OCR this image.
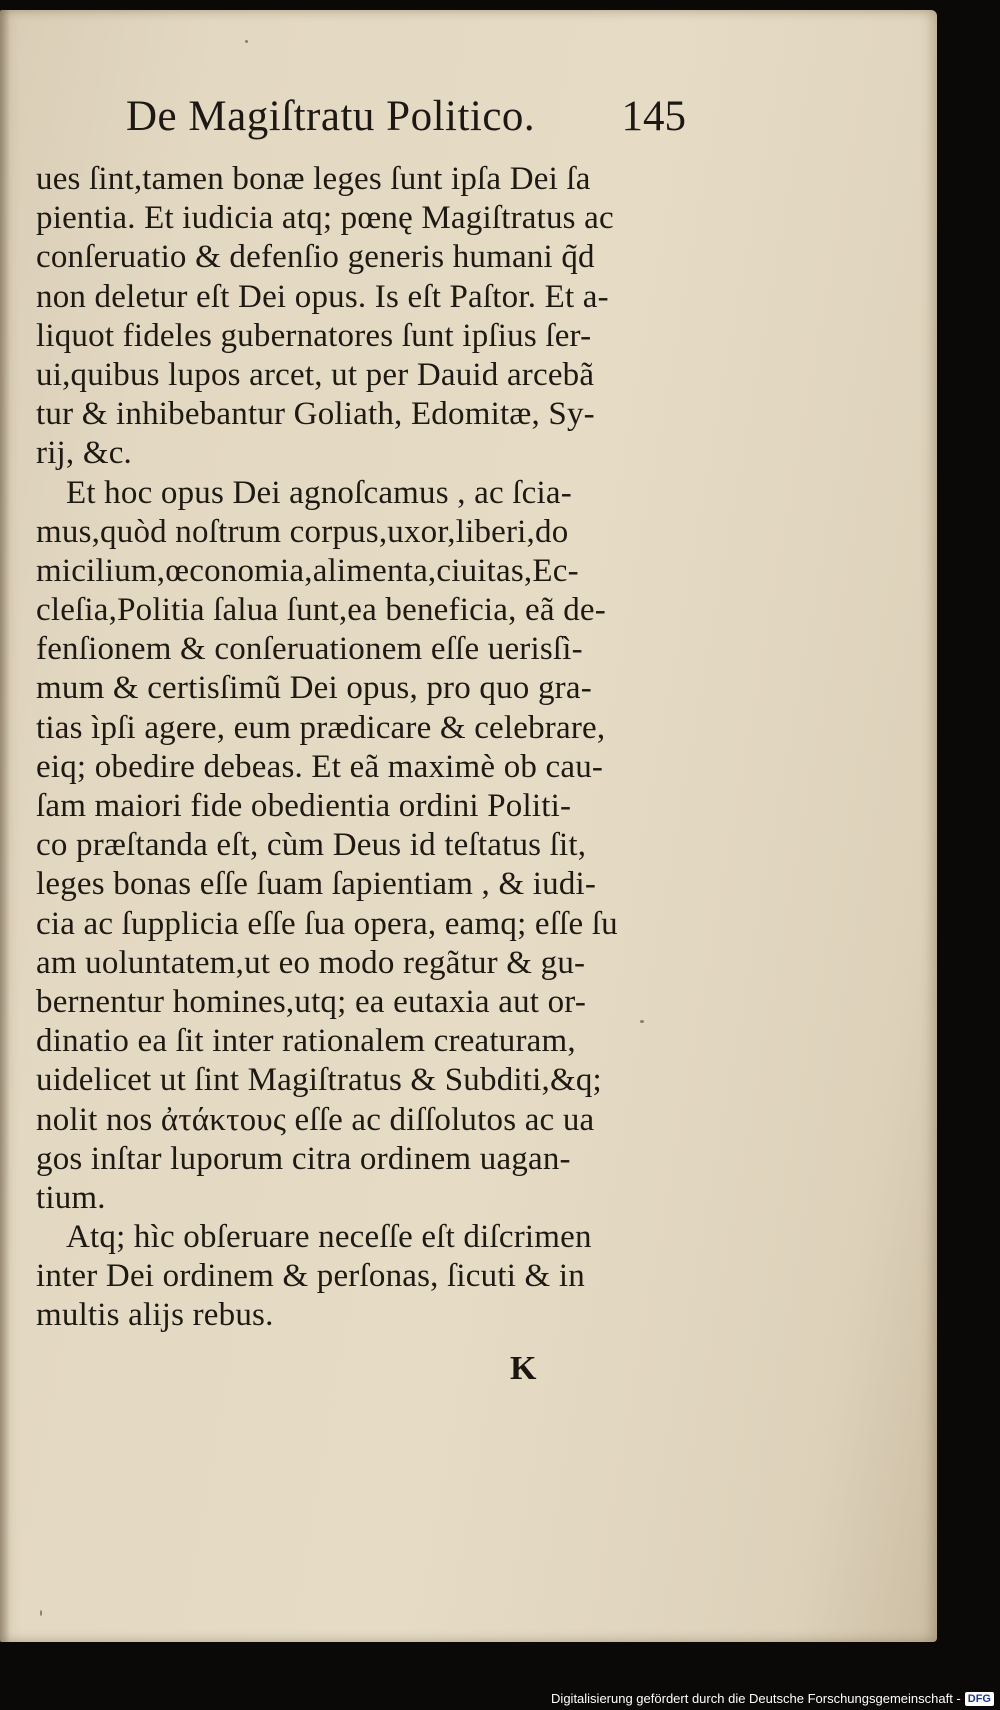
De Magiſtratu Politico. 145
ues ſint,tamen bonæ leges ſunt ipſa Dei ſa
pientia. Et iudicia atq; pœnę Magiſtratus ac
conſeruatio & defenſio generis humani q̃d
non deletur eſt Dei opus. Is eſt Paſtor. Et a-
liquot fideles gubernatores ſunt ipſius ſer-
ui,quibus lupos arcet, ut per Dauid arcebã
tur & inhibebantur Goliath, Edomitæ, Sy-
rij, &c.
Et hoc opus Dei agnoſcamus , ac ſcia-
mus,quòd noſtrum corpus,uxor,liberi,do
micilium,œconomia,alimenta,ciuitas,Ec-
cleſia,Politia ſalua ſunt,ea beneficia, eã de-
fenſionem & conſeruationem eſſe uerisſì-
mum & certisſimũ Dei opus, pro quo gra-
tias ìpſi agere, eum prædicare & celebrare,
eiq; obedire debeas. Et eã maximè ob cau-
ſam maiori fide obedientia ordini Politi-
co præſtanda eſt, cùm Deus id teſtatus ſit,
leges bonas eſſe ſuam ſapientiam , & iudi-
cia ac ſupplicia eſſe ſua opera, eamq; eſſe ſu
am uoluntatem,ut eo modo regãtur & gu-
bernentur homines,utq; ea eutaxia aut or-
dinatio ea ſit inter rationalem creaturam,
uidelicet ut ſint Magiſtratus & Subditi,&q;
nolit nos ἀτάκτους eſſe ac diſſolutos ac ua
gos inſtar luporum citra ordinem uagan-
tium.
Atq; hìc obſeruare neceſſe eſt diſcrimen
inter Dei ordinem & perſonas, ſicuti & in
multis alijs rebus.
K
Digitalisierung gefördert durch die Deutsche Forschungsgemeinschaft - DFG
